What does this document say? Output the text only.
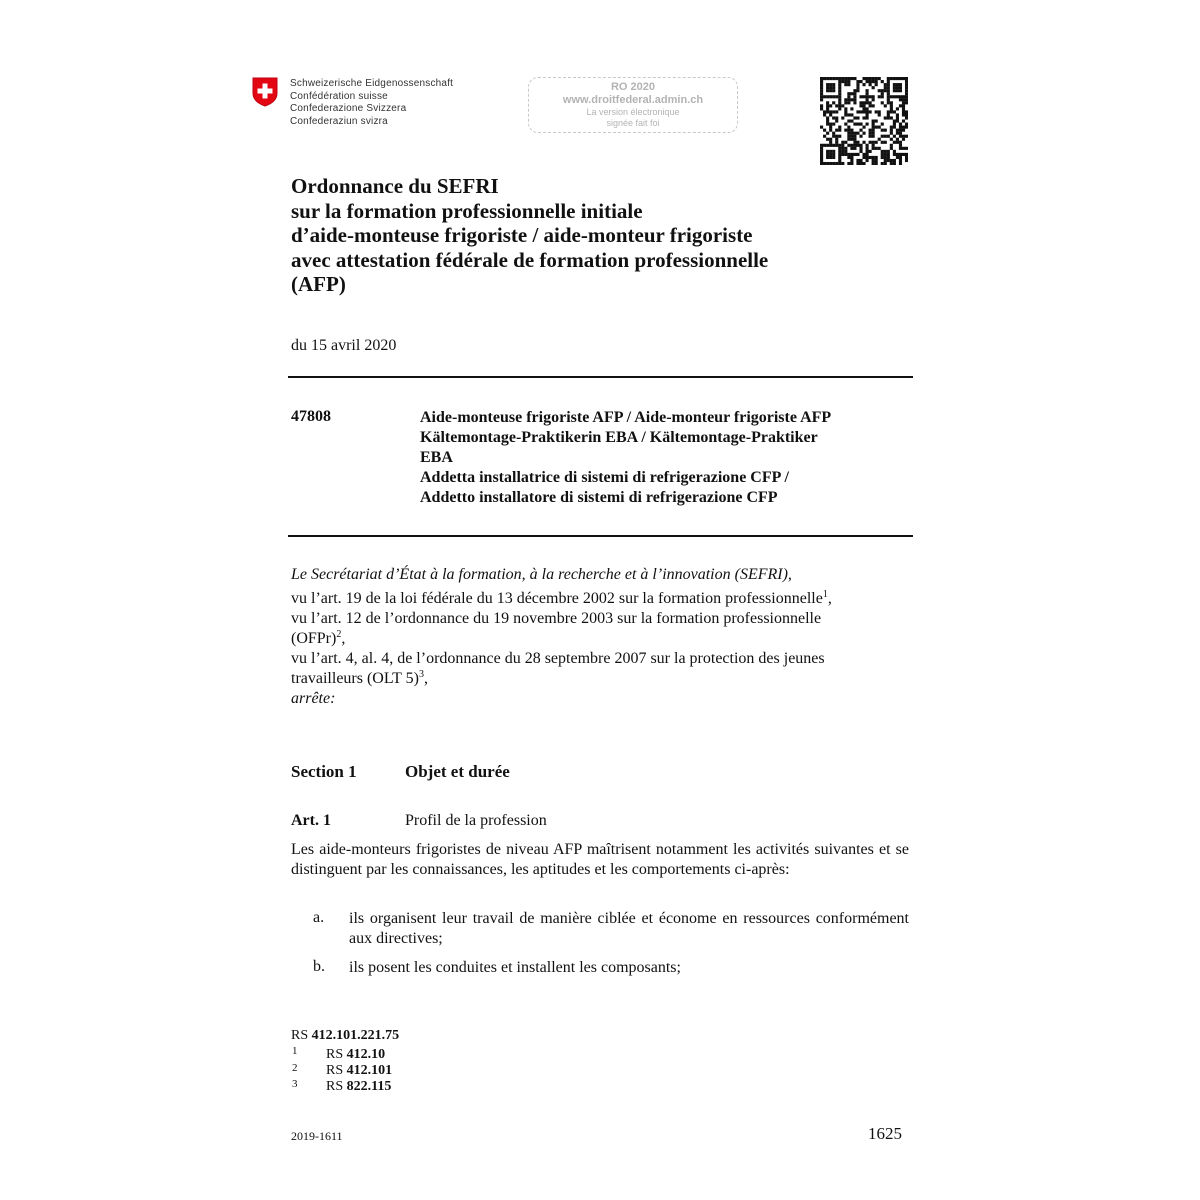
Schweizerische Eidgenossenschaft
Confédération suisse
Confederazione Svizzera
Confederaziun svizra
RO 2020
www.droitfederal.admin.ch
La version électronique
signée fait foi
Ordonnance du SEFRI
sur la formation professionnelle initiale
d’aide-monteuse frigoriste / aide-monteur frigoriste
avec attestation fédérale de formation professionnelle
(AFP)
du 15 avril 2020
47808	Aide-monteuse frigoriste AFP / Aide-monteur frigoriste AFP
Kältemontage-Praktikerin EBA / Kältemontage-Praktiker
EBA
Addetta installatrice di sistemi di refrigerazione CFP /
Addetto installatore di sistemi di refrigerazione CFP

Le Secrétariat d’État à la formation, à la recherche et à l’innovation (SEFRI),

vu l’art. 19 de la loi fédérale du 13 décembre 2002 sur la formation professionnelle$^1$,

vu l’art. 12 de l’ordonnance du 19 novembre 2003 sur la formation professionnelle

(OFPr)$^2$,

vu l’art. 4, al. 4, de l’ordonnance du 28 septembre 2007 sur la protection des jeunes

travailleurs (OLT 5)$^3$,

arrête:

Section 1	Objet et durée
Art. 1	Profil de la profession
Les aide-monteurs frigoristes de niveau AFP maîtrisent notamment les activités suivantes et se distinguent par les connaissances, les aptitudes et les comportements ci-après:
a. ils organisent leur travail de manière ciblée et économe en ressources conformément aux directives;
b. ils posent les conduites et installent les composants;
RS 412.101.221.75
1 RS 412.10
2 RS 412.101
3 RS 822.115
2019-1611	1625
